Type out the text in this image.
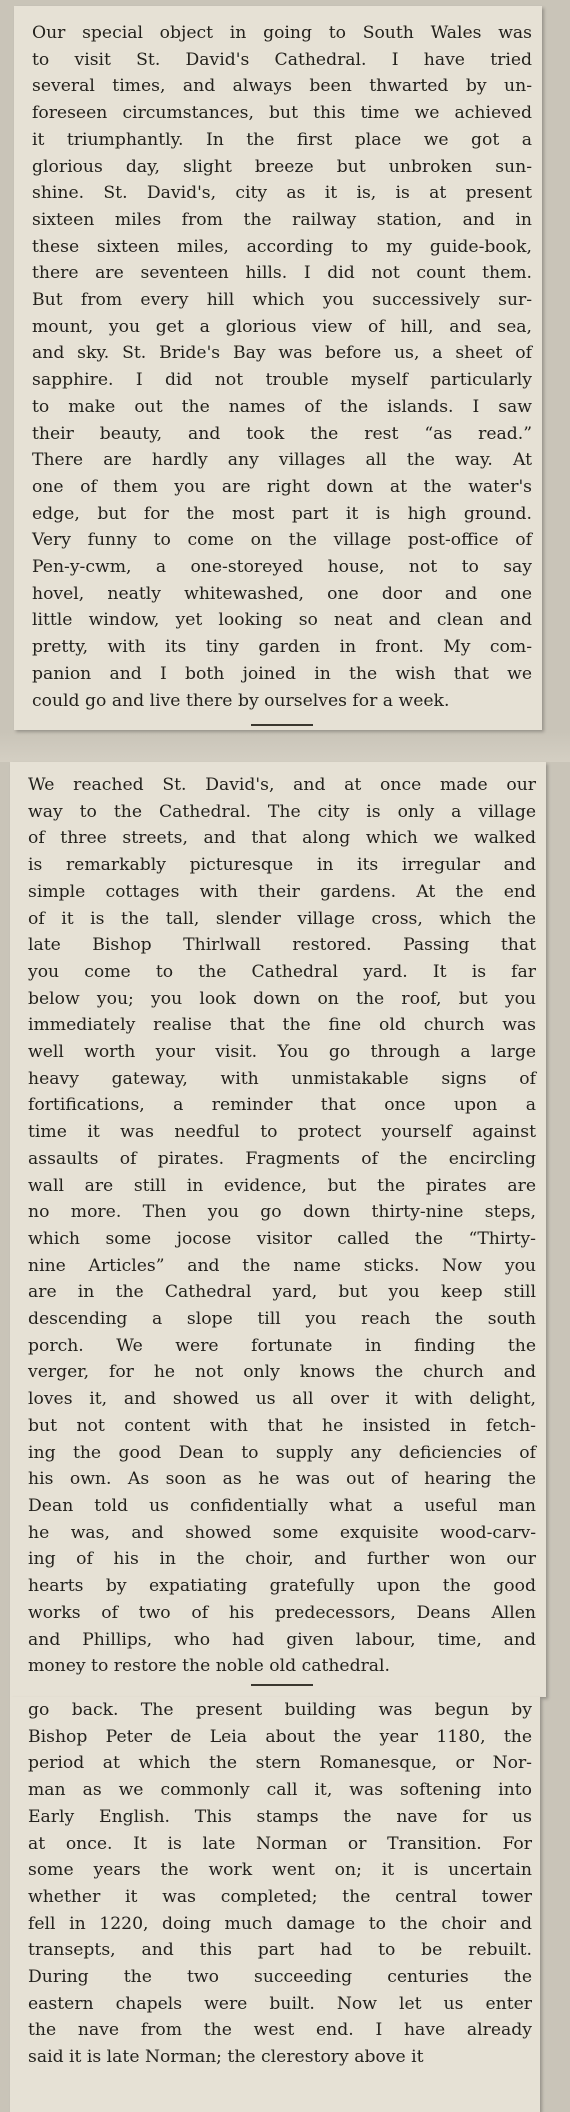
Our special object in going to South Wales was
to visit St. David's Cathedral. I have tried
several times, and always been thwarted by un-
foreseen circumstances, but this time we achieved
it triumphantly. In the first place we got a
glorious day, slight breeze but unbroken sun-
shine. St. David's, city as it is, is at present
sixteen miles from the railway station, and in
these sixteen miles, according to my guide-book,
there are seventeen hills. I did not count them.
But from every hill which you successively sur-
mount, you get a glorious view of hill, and sea,
and sky. St. Bride's Bay was before us, a sheet of
sapphire. I did not trouble myself particularly
to make out the names of the islands. I saw
their beauty, and took the rest “as read.”
There are hardly any villages all the way. At
one of them you are right down at the water's
edge, but for the most part it is high ground.
Very funny to come on the village post-office of
Pen-y-cwm, a one-storeyed house, not to say
hovel, neatly whitewashed, one door and one
little window, yet looking so neat and clean and
pretty, with its tiny garden in front. My com-
panion and I both joined in the wish that we
could go and live there by ourselves for a week.

We reached St. David's, and at once made our
way to the Cathedral. The city is only a village
of three streets, and that along which we walked
is remarkably picturesque in its irregular and
simple cottages with their gardens. At the end
of it is the tall, slender village cross, which the
late Bishop Thirlwall restored. Passing that
you come to the Cathedral yard. It is far
below you; you look down on the roof, but you
immediately realise that the fine old church was
well worth your visit. You go through a large
heavy gateway, with unmistakable signs of
fortifications, a reminder that once upon a
time it was needful to protect yourself against
assaults of pirates. Fragments of the encircling
wall are still in evidence, but the pirates are
no more. Then you go down thirty-nine steps,
which some jocose visitor called the “Thirty-
nine Articles” and the name sticks. Now you
are in the Cathedral yard, but you keep still
descending a slope till you reach the south
porch. We were fortunate in finding the
verger, for he not only knows the church and
loves it, and showed us all over it with delight,
but not content with that he insisted in fetch-
ing the good Dean to supply any deficiencies of
his own. As soon as he was out of hearing the
Dean told us confidentially what a useful man
he was, and showed some exquisite wood-carv-
ing of his in the choir, and further won our
hearts by expatiating gratefully upon the good
works of two of his predecessors, Deans Allen
and Phillips, who had given labour, time, and
money to restore the noble old cathedral.

go back. The present building was begun by
Bishop Peter de Leia about the year 1180, the
period at which the stern Romanesque, or Nor-
man as we commonly call it, was softening into
Early English. This stamps the nave for us
at once. It is late Norman or Transition. For
some years the work went on; it is uncertain
whether it was completed; the central tower
fell in 1220, doing much damage to the choir and
transepts, and this part had to be rebuilt.
During the two succeeding centuries the
eastern chapels were built. Now let us enter
the nave from the west end. I have already
said it is late Norman; the clerestory above it
